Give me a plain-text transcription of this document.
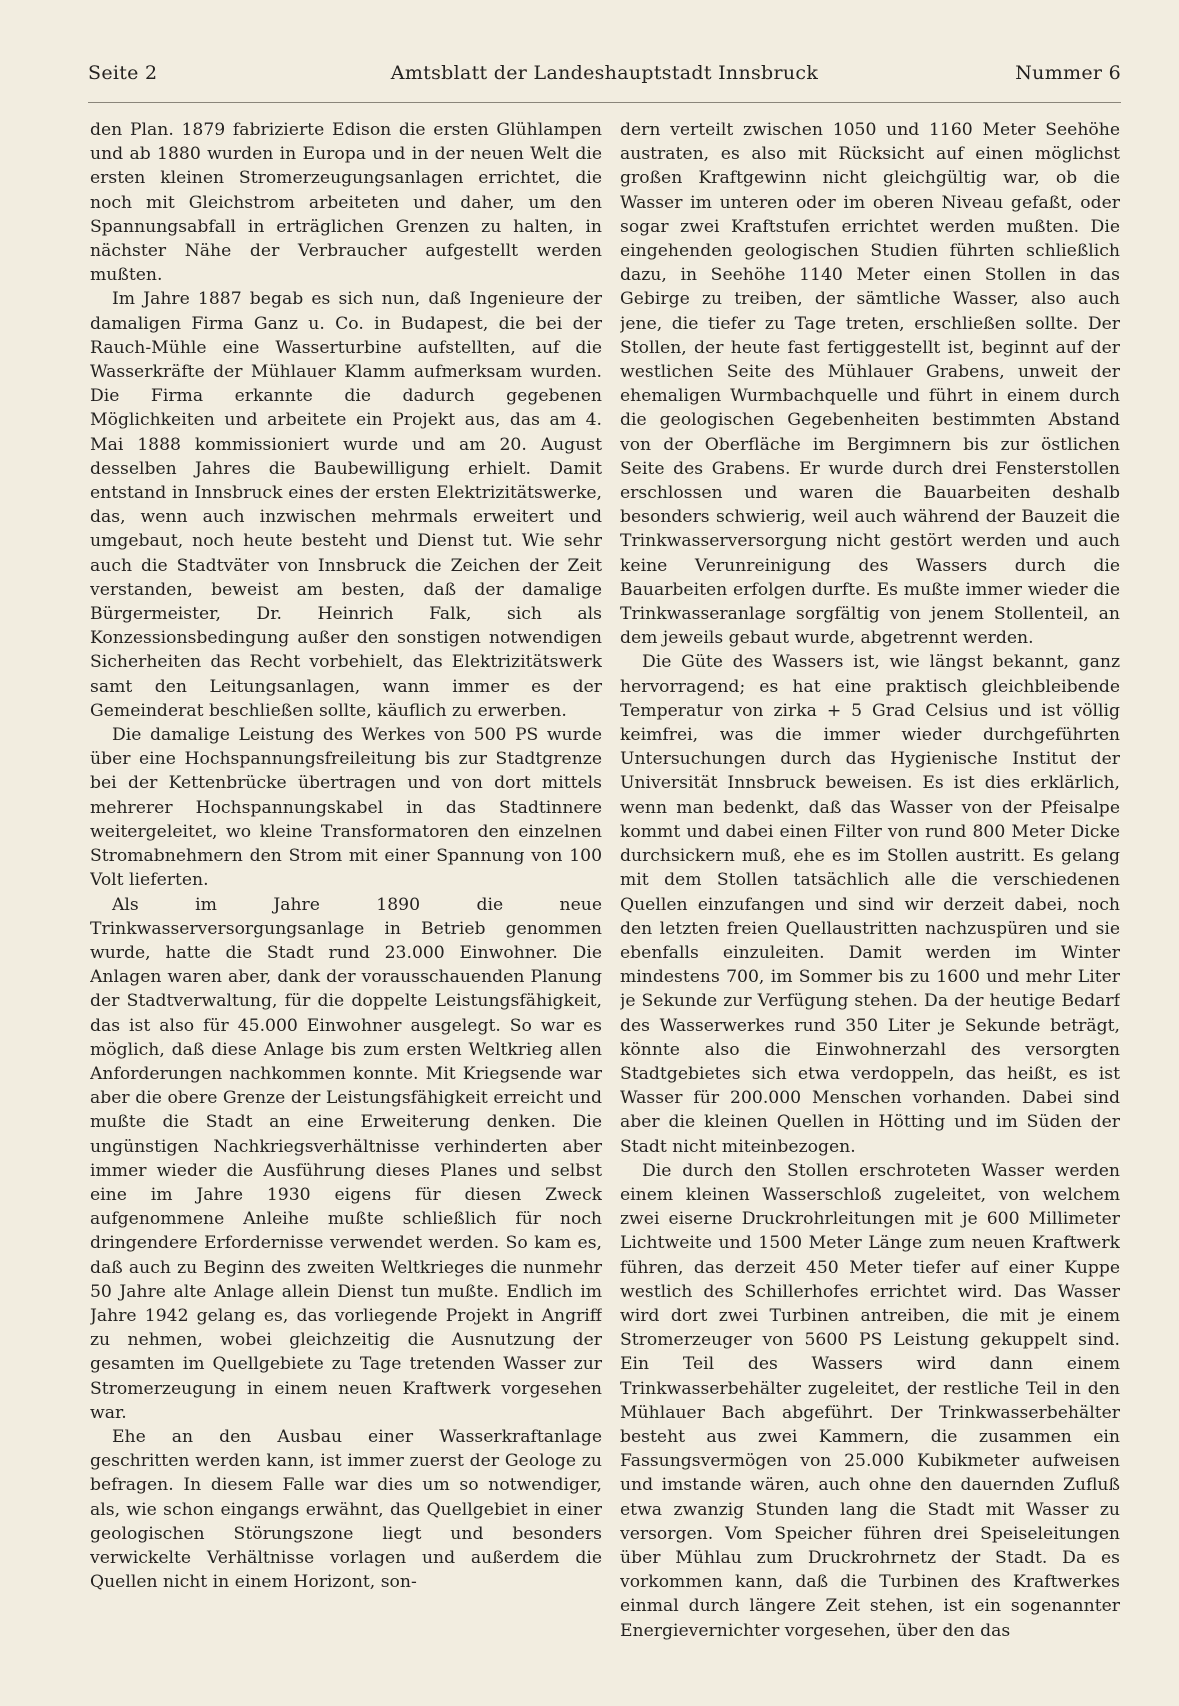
Seite 2	Amtsblatt der Landeshauptstadt Innsbruck	Nummer 6

den Plan. 1879 fabrizierte Edison die ersten Glühlampen und ab 1880 wurden in Europa und in der neuen Welt die ersten kleinen Stromerzeugungsanlagen errichtet, die noch mit Gleichstrom arbeiteten und daher, um den Spannungsabfall in erträglichen Grenzen zu halten, in nächster Nähe der Verbraucher aufgestellt werden mußten.

Im Jahre 1887 begab es sich nun, daß Ingenieure der damaligen Firma Ganz u. Co. in Budapest, die bei der Rauch-Mühle eine Wasserturbine aufstellten, auf die Wasserkräfte der Mühlauer Klamm aufmerksam wurden. Die Firma erkannte die dadurch gegebenen Möglichkeiten und arbeitete ein Projekt aus, das am 4. Mai 1888 kommissioniert wurde und am 20. August desselben Jahres die Baubewilligung erhielt. Damit entstand in Innsbruck eines der ersten Elektrizitätswerke, das, wenn auch inzwischen mehrmals erweitert und umgebaut, noch heute besteht und Dienst tut. Wie sehr auch die Stadtväter von Innsbruck die Zeichen der Zeit verstanden, beweist am besten, daß der damalige Bürgermeister, Dr. Heinrich Falk, sich als Konzessionsbedingung außer den sonstigen notwendigen Sicherheiten das Recht vorbehielt, das Elektrizitätswerk samt den Leitungsanlagen, wann immer es der Gemeinderat beschließen sollte, käuflich zu erwerben.

Die damalige Leistung des Werkes von 500 PS wurde über eine Hochspannungsfreileitung bis zur Stadtgrenze bei der Kettenbrücke übertragen und von dort mittels mehrerer Hochspannungskabel in das Stadtinnere weitergeleitet, wo kleine Transformatoren den einzelnen Stromabnehmern den Strom mit einer Spannung von 100 Volt lieferten.

Als im Jahre 1890 die neue Trinkwasserversorgungsanlage in Betrieb genommen wurde, hatte die Stadt rund 23.000 Einwohner. Die Anlagen waren aber, dank der vorausschauenden Planung der Stadtverwaltung, für die doppelte Leistungsfähigkeit, das ist also für 45.000 Einwohner ausgelegt. So war es möglich, daß diese Anlage bis zum ersten Weltkrieg allen Anforderungen nachkommen konnte. Mit Kriegsende war aber die obere Grenze der Leistungsfähigkeit erreicht und mußte die Stadt an eine Erweiterung denken. Die ungünstigen Nachkriegsverhältnisse verhinderten aber immer wieder die Ausführung dieses Planes und selbst eine im Jahre 1930 eigens für diesen Zweck aufgenommene Anleihe mußte schließlich für noch dringendere Erfordernisse verwendet werden. So kam es, daß auch zu Beginn des zweiten Weltkrieges die nunmehr 50 Jahre alte Anlage allein Dienst tun mußte. Endlich im Jahre 1942 gelang es, das vorliegende Projekt in Angriff zu nehmen, wobei gleichzeitig die Ausnutzung der gesamten im Quellgebiete zu Tage tretenden Wasser zur Stromerzeugung in einem neuen Kraftwerk vorgesehen war.

Ehe an den Ausbau einer Wasserkraftanlage geschritten werden kann, ist immer zuerst der Geologe zu befragen. In diesem Falle war dies um so notwendiger, als, wie schon eingangs erwähnt, das Quellgebiet in einer geologischen Störungszone liegt und besonders verwickelte Verhältnisse vorlagen und außerdem die Quellen nicht in einem Horizont, son-

dern verteilt zwischen 1050 und 1160 Meter Seehöhe austraten, es also mit Rücksicht auf einen möglichst großen Kraftgewinn nicht gleichgültig war, ob die Wasser im unteren oder im oberen Niveau gefaßt, oder sogar zwei Kraftstufen errichtet werden mußten. Die eingehenden geologischen Studien führten schließlich dazu, in Seehöhe 1140 Meter einen Stollen in das Gebirge zu treiben, der sämtliche Wasser, also auch jene, die tiefer zu Tage treten, erschließen sollte. Der Stollen, der heute fast fertiggestellt ist, beginnt auf der westlichen Seite des Mühlauer Grabens, unweit der ehemaligen Wurmbachquelle und führt in einem durch die geologischen Gegebenheiten bestimmten Abstand von der Oberfläche im Bergimnern bis zur östlichen Seite des Grabens. Er wurde durch drei Fensterstollen erschlossen und waren die Bauarbeiten deshalb besonders schwierig, weil auch während der Bauzeit die Trinkwasserversorgung nicht gestört werden und auch keine Verunreinigung des Wassers durch die Bauarbeiten erfolgen durfte. Es mußte immer wieder die Trinkwasseranlage sorgfältig von jenem Stollenteil, an dem jeweils gebaut wurde, abgetrennt werden.

Die Güte des Wassers ist, wie längst bekannt, ganz hervorragend; es hat eine praktisch gleichbleibende Temperatur von zirka + 5 Grad Celsius und ist völlig keimfrei, was die immer wieder durchgeführten Untersuchungen durch das Hygienische Institut der Universität Innsbruck beweisen. Es ist dies erklärlich, wenn man bedenkt, daß das Wasser von der Pfeisalpe kommt und dabei einen Filter von rund 800 Meter Dicke durchsickern muß, ehe es im Stollen austritt. Es gelang mit dem Stollen tatsächlich alle die verschiedenen Quellen einzufangen und sind wir derzeit dabei, noch den letzten freien Quellaustritten nachzuspüren und sie ebenfalls einzuleiten. Damit werden im Winter mindestens 700, im Sommer bis zu 1600 und mehr Liter je Sekunde zur Verfügung stehen. Da der heutige Bedarf des Wasserwerkes rund 350 Liter je Sekunde beträgt, könnte also die Einwohnerzahl des versorgten Stadtgebietes sich etwa verdoppeln, das heißt, es ist Wasser für 200.000 Menschen vorhanden. Dabei sind aber die kleinen Quellen in Hötting und im Süden der Stadt nicht miteinbezogen.

Die durch den Stollen erschroteten Wasser werden einem kleinen Wasserschloß zugeleitet, von welchem zwei eiserne Druckrohrleitungen mit je 600 Millimeter Lichtweite und 1500 Meter Länge zum neuen Kraftwerk führen, das derzeit 450 Meter tiefer auf einer Kuppe westlich des Schillerhofes errichtet wird. Das Wasser wird dort zwei Turbinen antreiben, die mit je einem Stromerzeuger von 5600 PS Leistung gekuppelt sind. Ein Teil des Wassers wird dann einem Trinkwasserbehälter zugeleitet, der restliche Teil in den Mühlauer Bach abgeführt. Der Trinkwasserbehälter besteht aus zwei Kammern, die zusammen ein Fassungsvermögen von 25.000 Kubikmeter aufweisen und imstande wären, auch ohne den dauernden Zufluß etwa zwanzig Stunden lang die Stadt mit Wasser zu versorgen. Vom Speicher führen drei Speiseleitungen über Mühlau zum Druckrohrnetz der Stadt. Da es vorkommen kann, daß die Turbinen des Kraftwerkes einmal durch längere Zeit stehen, ist ein sogenannter Energievernichter vorgesehen, über den das
